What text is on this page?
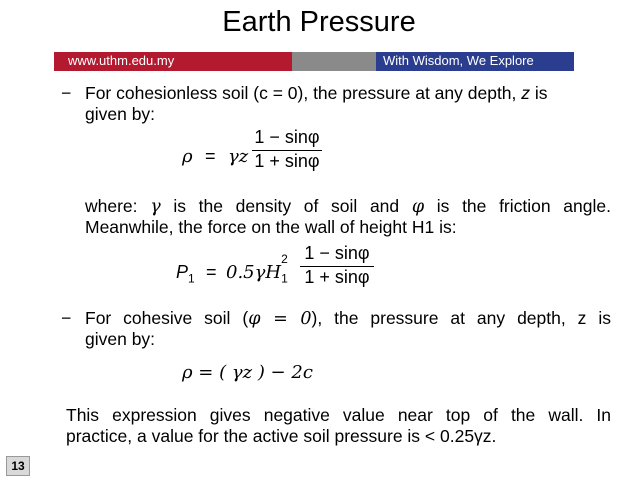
Earth Pressure
www.uthm.edu.my	With Wisdom, We Explore
− For cohesionless soil (c = 0), the pressure at any depth, z is
given by:
ρ = γz $\frac{1 - \sin\varphi}{1 + \sin\varphi}$
where: γ is the density of soil and φ is the friction angle.
Meanwhile, the force on the wall of height H1 is:
$P_1 = 0.5\gamma H$
2
$_1 \frac{1 - \sin\varphi}{1 + \sin\varphi}$
− For cohesive soil (φ = 0), the pressure at any depth, z is
given by:
ρ = ( γz ) − 2c
This expression gives negative value near top of the wall. In
practice, a value for the active soil pressure is < 0.25γz.
13
